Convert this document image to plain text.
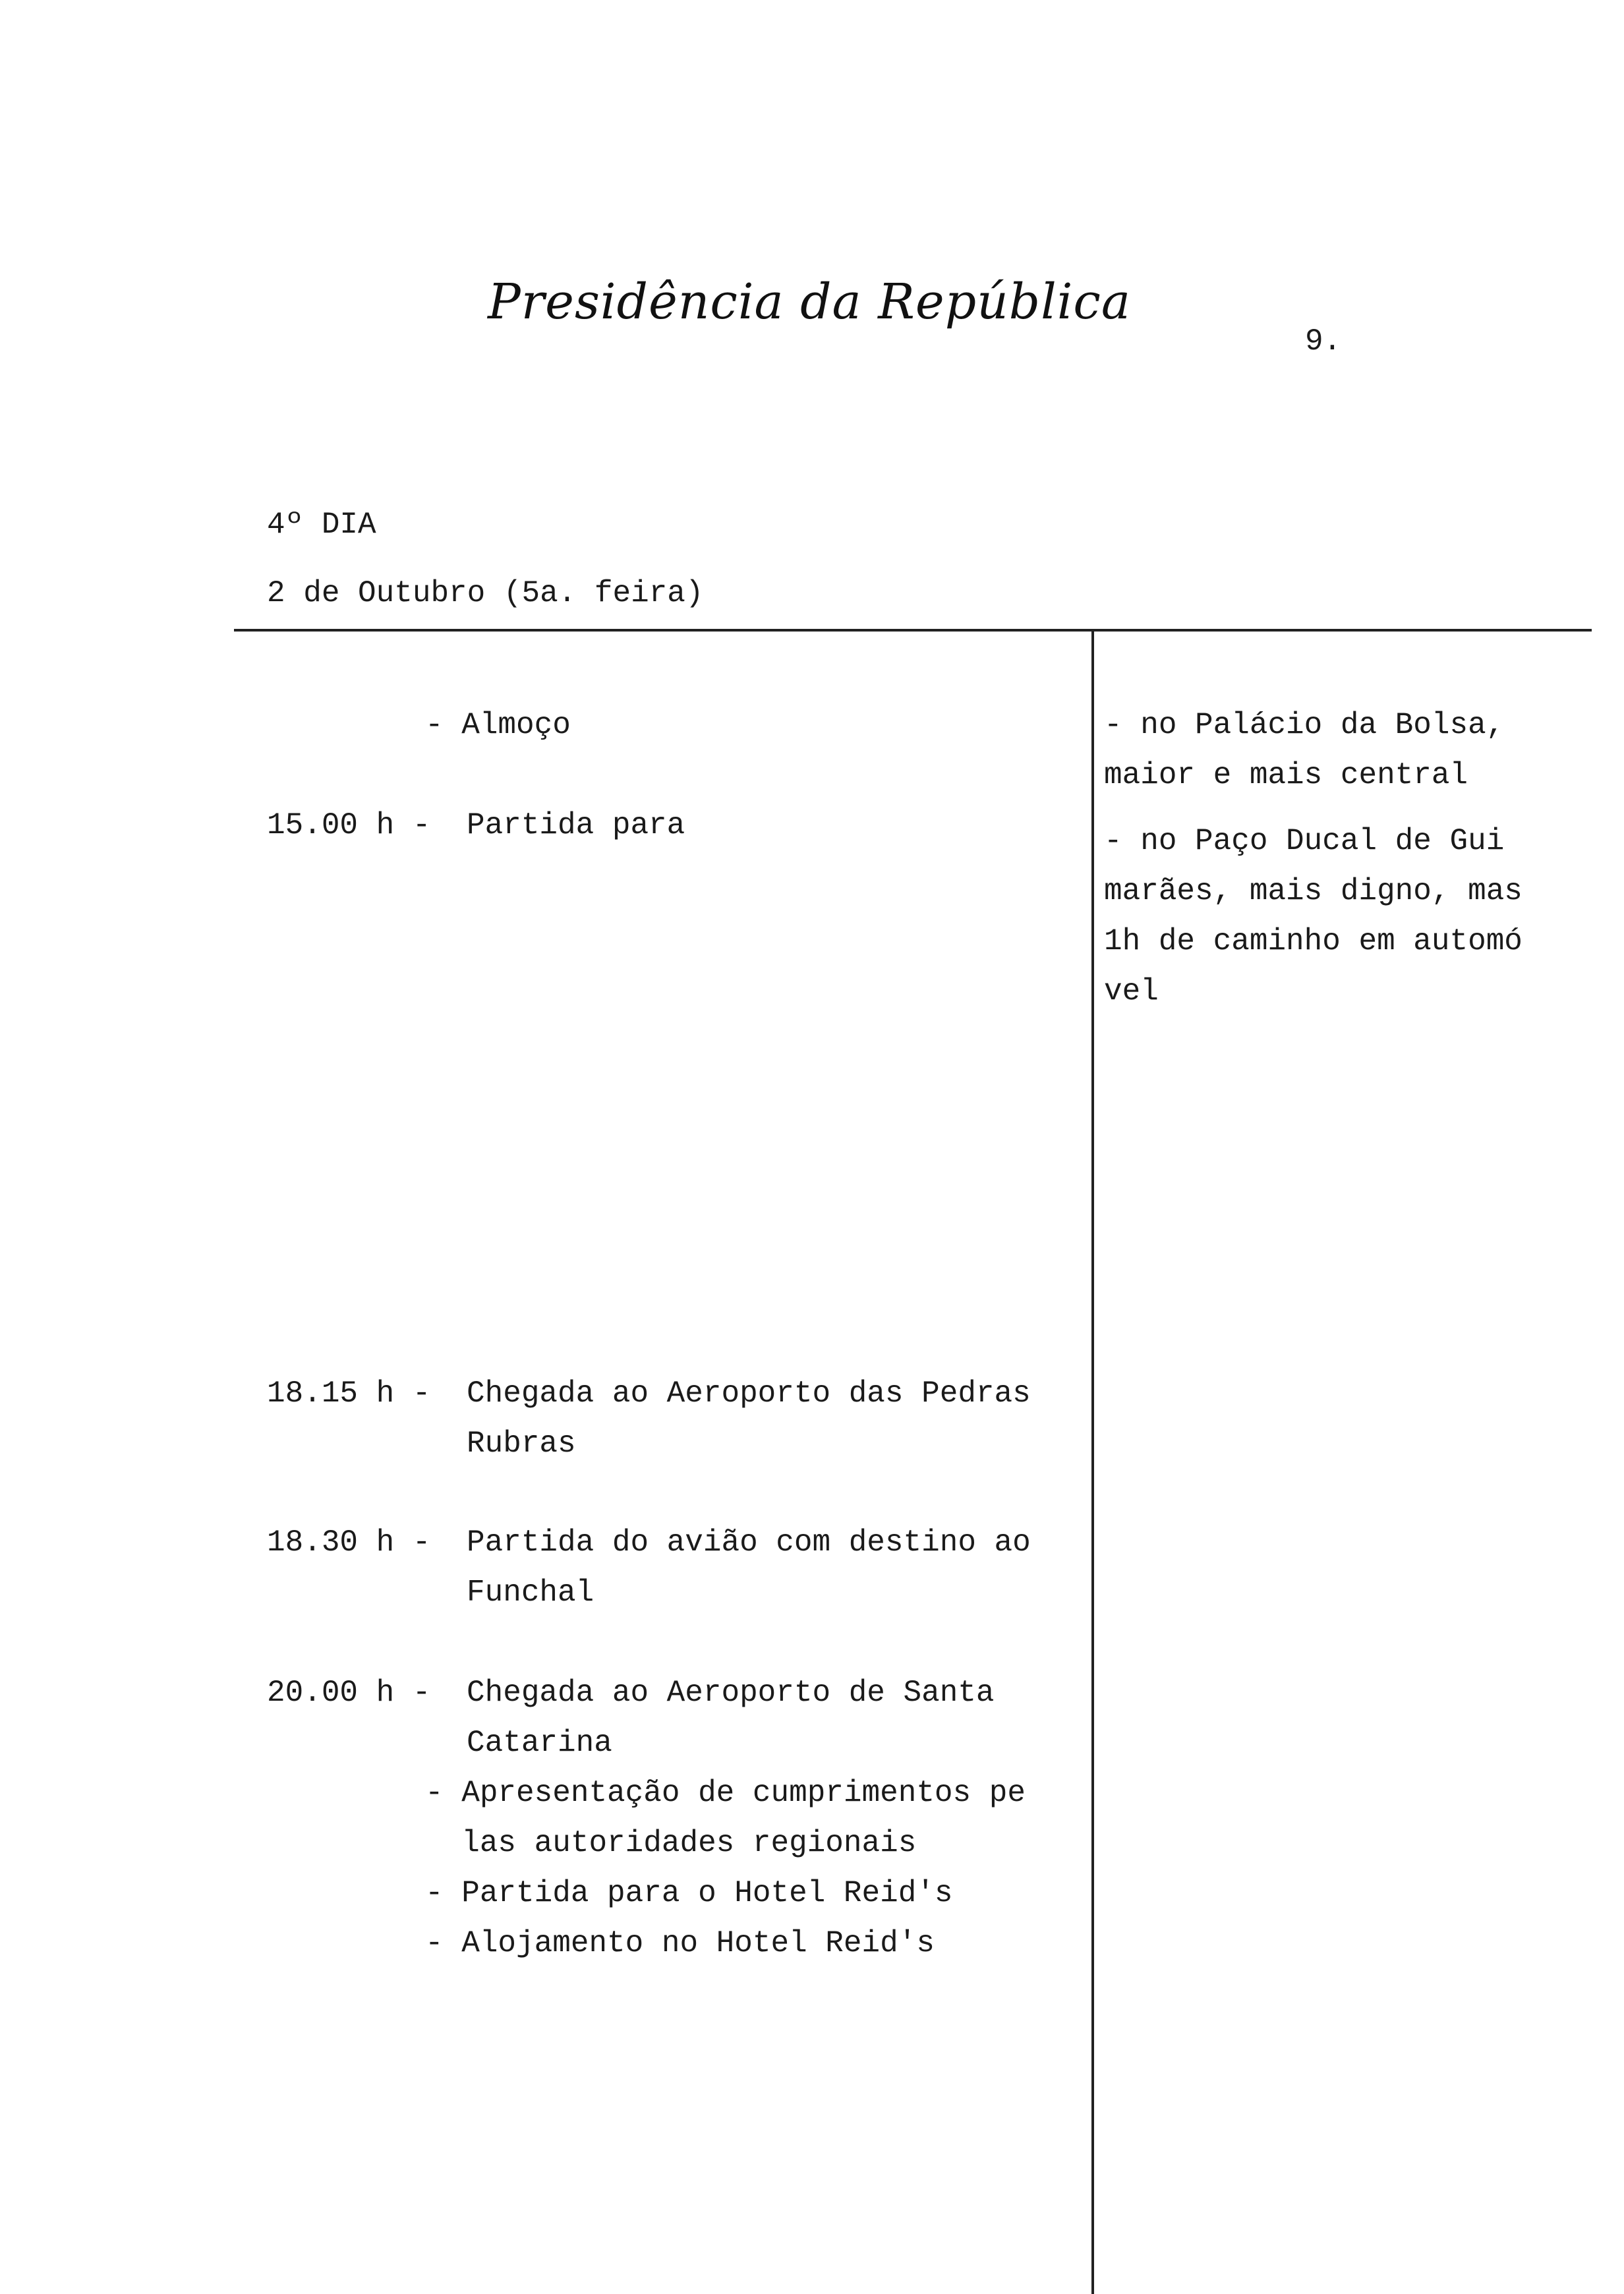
Presidência da República
9.
4º DIA
2 de Outubro (5a. feira)
- Almoço
15.00 h - Partida para
18.15 h - Chegada ao Aeroporto das Pedras
Rubras
18.30 h - Partida do avião com destino ao
Funchal
20.00 h - Chegada ao Aeroporto de Santa
Catarina
- Apresentação de cumprimentos pe
las autoridades regionais
- Partida para o Hotel Reid's
- Alojamento no Hotel Reid's
- no Palácio da Bolsa,
maior e mais central
- no Paço Ducal de Gui
marães, mais digno, mas
1h de caminho em automó
vel
